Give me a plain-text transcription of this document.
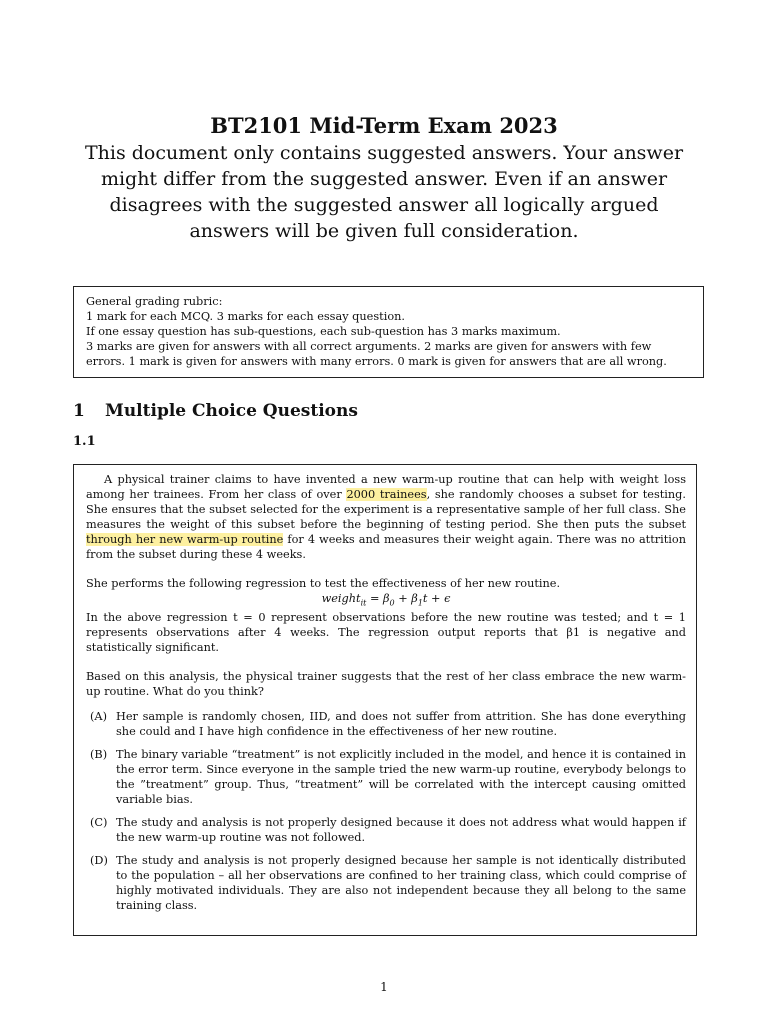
BT2101 Mid-Term Exam 2023

This document only contains suggested answers. Your answer might differ from the suggested answer. Even if an answer disagrees with the suggested answer all logically argued answers will be given full consideration.

General grading rubric:

1 mark for each MCQ. 3 marks for each essay question.

If one essay question has sub-questions, each sub-question has 3 marks maximum.

3 marks are given for answers with all correct arguments. 2 marks are given for answers with few errors. 1 mark is given for answers with many errors. 0 mark is given for answers that are all wrong.

1 Multiple Choice Questions
1.1

A physical trainer claims to have invented a new warm-up routine that can help with weight loss among her trainees. From her class of over 2000 trainees, she randomly chooses a subset for testing. She ensures that the subset selected for the experiment is a representative sample of her full class. She measures the weight of this subset before the beginning of testing period. She then puts the subset through her new warm-up routine for 4 weeks and measures their weight again. There was no attrition from the subset during these 4 weeks.

She performs the following regression to test the effectiveness of her new routine.

weight$_{it}$ = $\beta_0 + \beta_1t + \epsilon$

In the above regression t = 0 represent observations before the new routine was tested; and t = 1 represents observations after 4 weeks. The regression output reports that β1 is negative and statistically significant.

Based on this analysis, the physical trainer suggests that the rest of her class embrace the new warm-up routine. What do you think?

(A) Her sample is randomly chosen, IID, and does not suffer from attrition. She has done everything she could and I have high confidence in the effectiveness of her new routine.
(B) The binary variable “treatment” is not explicitly included in the model, and hence it is contained in the error term. Since everyone in the sample tried the new warm-up routine, everybody belongs to the ”treatment” group. Thus, “treatment” will be correlated with the intercept causing omitted variable bias.
(C) The study and analysis is not properly designed because it does not address what would happen if the new warm-up routine was not followed.
(D) The study and analysis is not properly designed because her sample is not identically distributed to the population – all her observations are confined to her training class, which could comprise of highly motivated individuals. They are also not independent because they all belong to the same training class.
1
